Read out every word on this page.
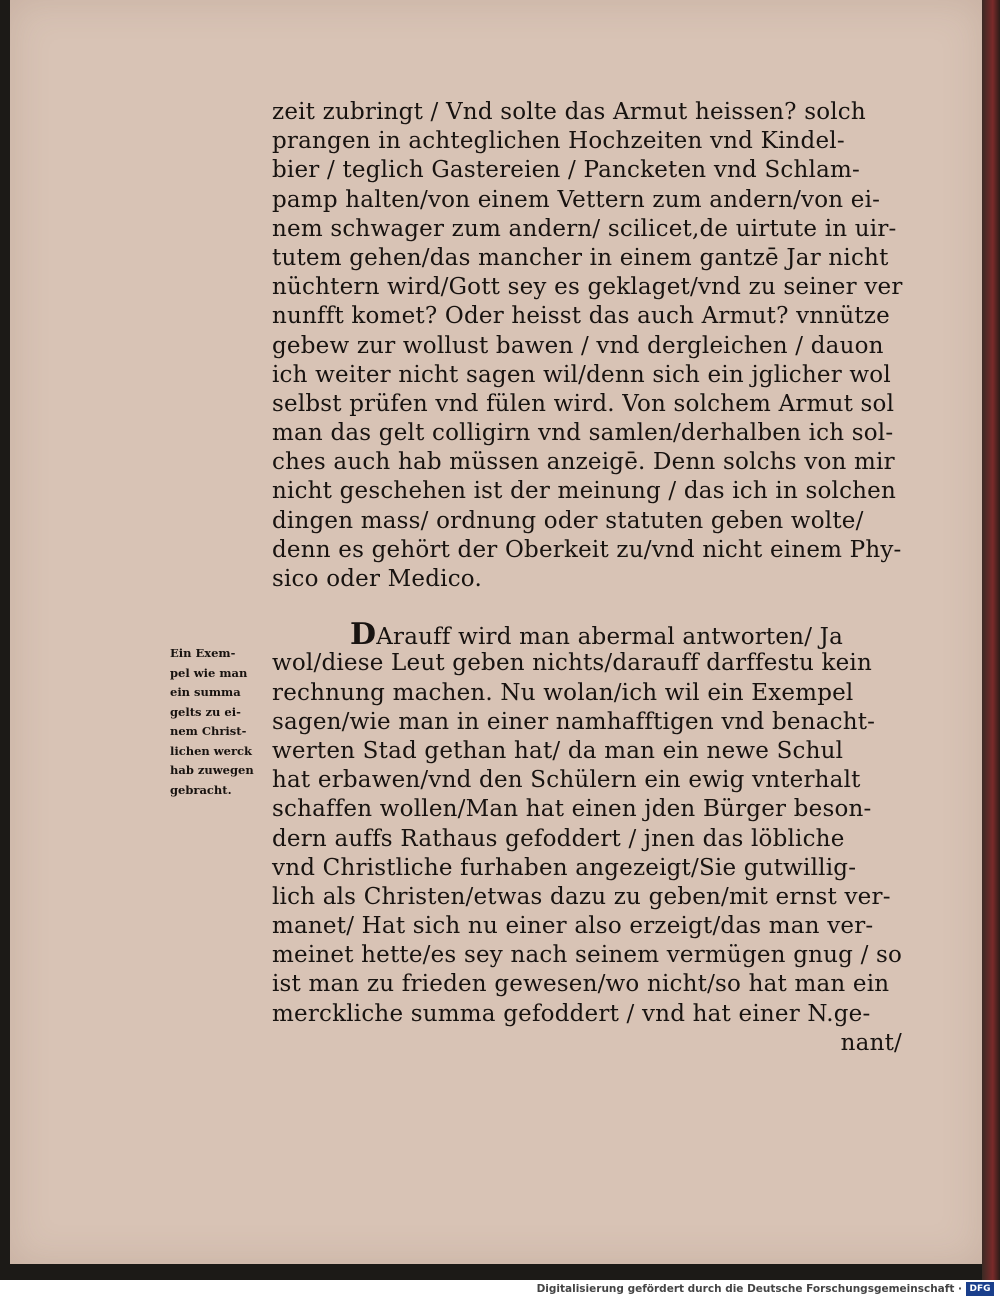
zeit zubringt / Vnd solte das Armut heissen? solch
prangen in achteglichen Hochzeiten vnd Kindel-
bier / teglich Gastereien / Pancketen vnd Schlam-
pamp halten/von einem Vettern zum andern/von ei-
nem schwager zum andern/ scilicet,de uirtute in uir-
tutem gehen/das mancher in einem gantzē Jar nicht
nüchtern wird/Gott sey es geklaget/vnd zu seiner ver
nunfft komet? Oder heisst das auch Armut? vnnütze
gebew zur wollust bawen / vnd dergleichen / dauon
ich weiter nicht sagen wil/denn sich ein jglicher wol
selbst prüfen vnd fülen wird. Von solchem Armut sol
man das gelt colligirn vnd samlen/derhalben ich sol-
ches auch hab müssen anzeigē. Denn solchs von mir
nicht geschehen ist der meinung / das ich in solchen
dingen mass/ ordnung oder statuten geben wolte/
denn es gehört der Oberkeit zu/vnd nicht einem Phy-
sico oder Medico.
DArauff wird man abermal antworten/ Ja
wol/diese Leut geben nichts/darauff darffestu kein
rechnung machen. Nu wolan/ich wil ein Exempel
sagen/wie man in einer namhafftigen vnd benacht-
werten Stad gethan hat/ da man ein newe Schul
hat erbawen/vnd den Schülern ein ewig vnterhalt
schaffen wollen/Man hat einen jden Bürger beson-
dern auffs Rathaus gefoddert / jnen das löbliche
vnd Christliche furhaben angezeigt/Sie gutwillig-
lich als Christen/etwas dazu zu geben/mit ernst ver-
manet/ Hat sich nu einer also erzeigt/das man ver-
meinet hette/es sey nach seinem vermügen gnug / so
ist man zu frieden gewesen/wo nicht/so hat man ein
merckliche summa gefoddert / vnd hat einer N.ge-
nant/
Ein Exem-
pel wie man
ein summa
gelts zu ei-
nem Christ-
lichen werck
hab zuwegen
gebracht.
Digitalisierung gefördert durch die Deutsche Forschungsgemeinschaft · DFG
